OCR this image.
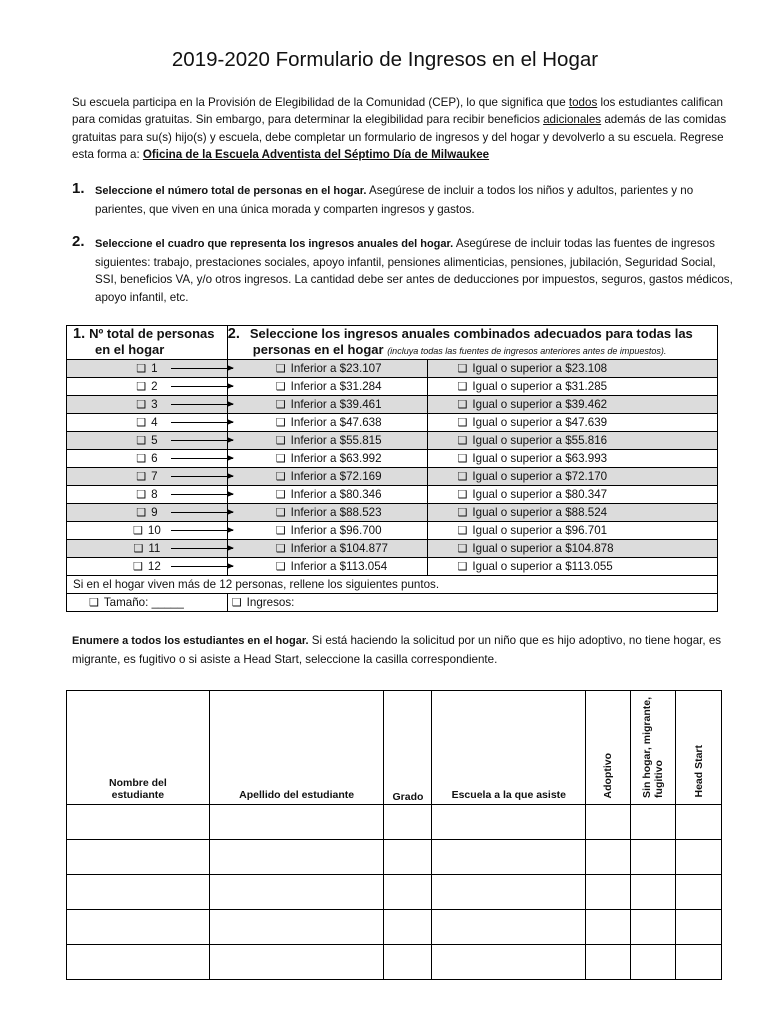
2019-2020 Formulario de Ingresos en el Hogar
Su escuela participa en la Provisión de Elegibilidad de la Comunidad (CEP), lo que significa que todos los estudiantes califican para comidas gratuitas. Sin embargo, para determinar la elegibilidad para recibir beneficios adicionales además de las comidas gratuitas para su(s) hijo(s) y escuela, debe completar un formulario de ingresos y del hogar y devolverlo a su escuela. Regrese esta forma a: Oficina de la Escuela Adventista del Séptimo Día de Milwaukee
1. Seleccione el número total de personas en el hogar. Asegúrese de incluir a todos los niños y adultos, parientes y no parientes, que viven en una única morada y comparten ingresos y gastos.
2. Seleccione el cuadro que representa los ingresos anuales del hogar. Asegúrese de incluir todas las fuentes de ingresos siguientes: trabajo, prestaciones sociales, apoyo infantil, pensiones alimenticias, pensiones, jubilación, Seguridad Social, SSI, beneficios VA, y/o otros ingresos. La cantidad debe ser antes de deducciones por impuestos, seguros, gastos médicos, apoyo infantil, etc.
1. Nº total de personas
en el hogar	2. Seleccione los ingresos anuales combinados adecuados para todas las
personas en el hogar (incluya todas las fuentes de ingresos anteriores antes de impuestos).	
❑ 1	❑ Inferior a $23.107	❑ Igual o superior a $23.108
❑ 2	❑ Inferior a $31.284	❑ Igual o superior a $31.285
❑ 3	❑ Inferior a $39.461	❑ Igual o superior a $39.462
❑ 4	❑ Inferior a $47.638	❑ Igual o superior a $47.639
❑ 5	❑ Inferior a $55.815	❑ Igual o superior a $55.816
❑ 6	❑ Inferior a $63.992	❑ Igual o superior a $63.993
❑ 7	❑ Inferior a $72.169	❑ Igual o superior a $72.170
❑ 8	❑ Inferior a $80.346	❑ Igual o superior a $80.347
❑ 9	❑ Inferior a $88.523	❑ Igual o superior a $88.524
❑ 10	❑ Inferior a $96.700	❑ Igual o superior a $96.701
❑ 11	❑ Inferior a $104.877	❑ Igual o superior a $104.878
❑ 12	❑ Inferior a $113.054	❑ Igual o superior a $113.055
Si en el hogar viven más de 12 personas, rellene los siguientes puntos.		
❑ Tamaño: _____	❑ Ingresos:	
Enumere a todos los estudiantes en el hogar. Si está haciendo la solicitud por un niño que es hijo adoptivo, no tiene hogar, es migrante, es fugitivo o si asiste a Head Start, seleccione la casilla correspondiente.
Nombre del
estudiante	Apellido del estudiante	Grado	Escuela a la que asiste	Adoptivo	Sin hogar, migrante,
fugitivo	Head Start
